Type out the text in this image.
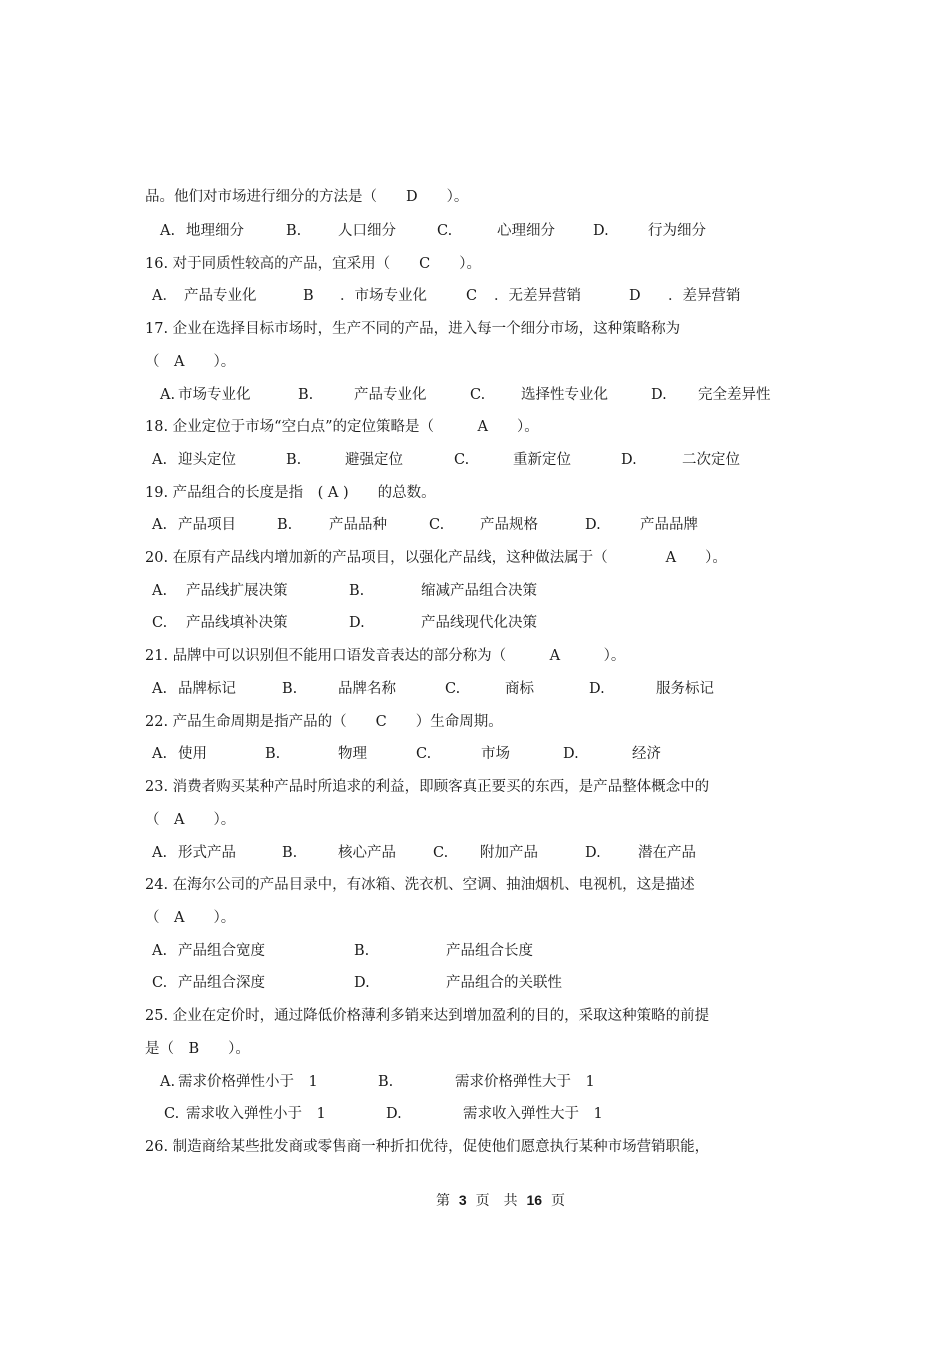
品。他们对市场进行细分的方法是（　　D　　）。
A. 地理细分	B.	人口细分	C.	心理细分	D.	行为细分
16. 对于同质性较高的产品，宜采用（　　C　　）。
A． 产品专业化	B ．市场专业化	C ．无差异营销	D ．差异营销
17. 企业在选择目标市场时，生产不同的产品，进入每一个细分市场，这种策略称为
（　A　　）。
A. 市场专业化	B.	产品专业化	C. 选择性专业化	D. 完全差异性
18. 企业定位于市场“空白点”的定位策略是（　　　A　　）。
A. 迎头定位	B.	避强定位	C.	重新定位	D.	二次定位
19. 产品组合的长度是指　( A )　　的总数。
A. 产品项目	B.	产品品种	C. 产品规格	D.	产品品牌
20. 在原有产品线内增加新的产品项目，以强化产品线，这种做法属于（　　　　A　　）。
A. 产品线扩展决策	B.	缩减产品组合决策
C. 产品线填补决策	D.	产品线现代化决策
21. 品牌中可以识别但不能用口语发音表达的部分称为（　　　A　　　）。
A. 品牌标记	B.	品牌名称	C.	商标	D.	服务标记
22. 产品生命周期是指产品的（　　C　　）生命周期。
A. 使用	B.	物理	C.	市场	D.	经济
23. 消费者购买某种产品时所追求的利益，即顾客真正要买的东西，是产品整体概念中的
（　A　　）。
A. 形式产品	B.	核心产品	C. 附加产品	D.	潜在产品
24. 在海尔公司的产品目录中，有冰箱、洗衣机、空调、抽油烟机、电视机，这是描述
（　A　　）。
A. 产品组合宽度	B.	产品组合长度
C. 产品组合深度	D.	产品组合的关联性
25. 企业在定价时，通过降低价格薄利多销来达到增加盈利的目的，采取这种策略的前提
是（　B　　）。
A. 需求价格弹性小于　1	B.	需求价格弹性大于　1
C. 需求收入弹性小于　1	D.	需求收入弹性大于　1
26. 制造商给某些批发商或零售商一种折扣优待，促使他们愿意执行某种市场营销职能，
第 3 页　共 16 页
